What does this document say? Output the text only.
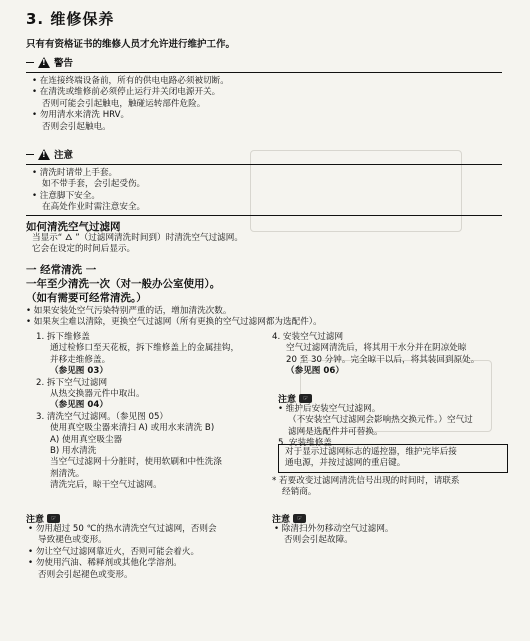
3. 维修保养
只有有资格证书的维修人员才允许进行维护工作。
!
警告
• 在连接终端设备前，所有的供电电路必须被切断。
• 在清洗或维修前必须停止运行并关闭电源开关。
否则可能会引起触电，触碰运转部件危险。
• 勿用清水来清洗 HRV。
否则会引起触电。
!
注意
• 清洗时请带上手套。
如不带手套，会引起受伤。
• 注意脚下安全。
在高处作业时需注意安全。
如何清洗空气过滤网
当显示“ 🜂 ”（过滤网清洗时间到）时清洗空气过滤网。
它会在设定的时间后显示。
一 经常清洗 一
一年至少清洗一次（对一般办公室使用）。
（如有需要可经常清洗。）
• 如果安装处空气污染特别严重的话，增加清洗次数。
• 如果灰尘难以清除，更换空气过滤网（所有更换的空气过滤网都为选配件）。
1. 拆下维修盖
通过检修口至天花板，拆下维修盖上的金属挂钩，
并移走维修盖。
（参见图 03）
2. 拆下空气过滤网
从热交换器元件中取出。
（参见图 04）
3. 清洗空气过滤网。（参见图 05）
使用真空吸尘器来清扫 A) 或用水来清洗 B)
A) 使用真空吸尘器
B) 用水清洗
当空气过滤网十分脏时，使用软刷和中性洗涤
剂清洗。
清洗完后，晾干空气过滤网。
4. 安装空气过滤网
空气过滤网清洗后，将其用干水分并在阴凉处晾
20 至 30 分钟。完全晾干以后，将其装回到原处。
（参见图 06）
注意	☞
• 维护后安装空气过滤网。
（不安装空气过滤网会影响热交换元件。）空气过
滤网是选配件并可替换。
5. 安装维修盖
对于显示过滤网标志的遥控器，维护完毕后接
通电源，并按过滤网的重启键。
* 若要改变过滤网清洗信号出现的时间时，请联系
经销商。
注意	☞
• 勿用超过 50 ℃的热水清洗空气过滤网，否则会
导致褪色或变形。
• 勿让空气过滤网靠近火，否则可能会着火。
• 勿使用汽油、稀释剂或其他化学溶剂。
否则会引起褪色或变形。
注意	☞
• 除清扫外勿移动空气过滤网。
否则会引起故障。
